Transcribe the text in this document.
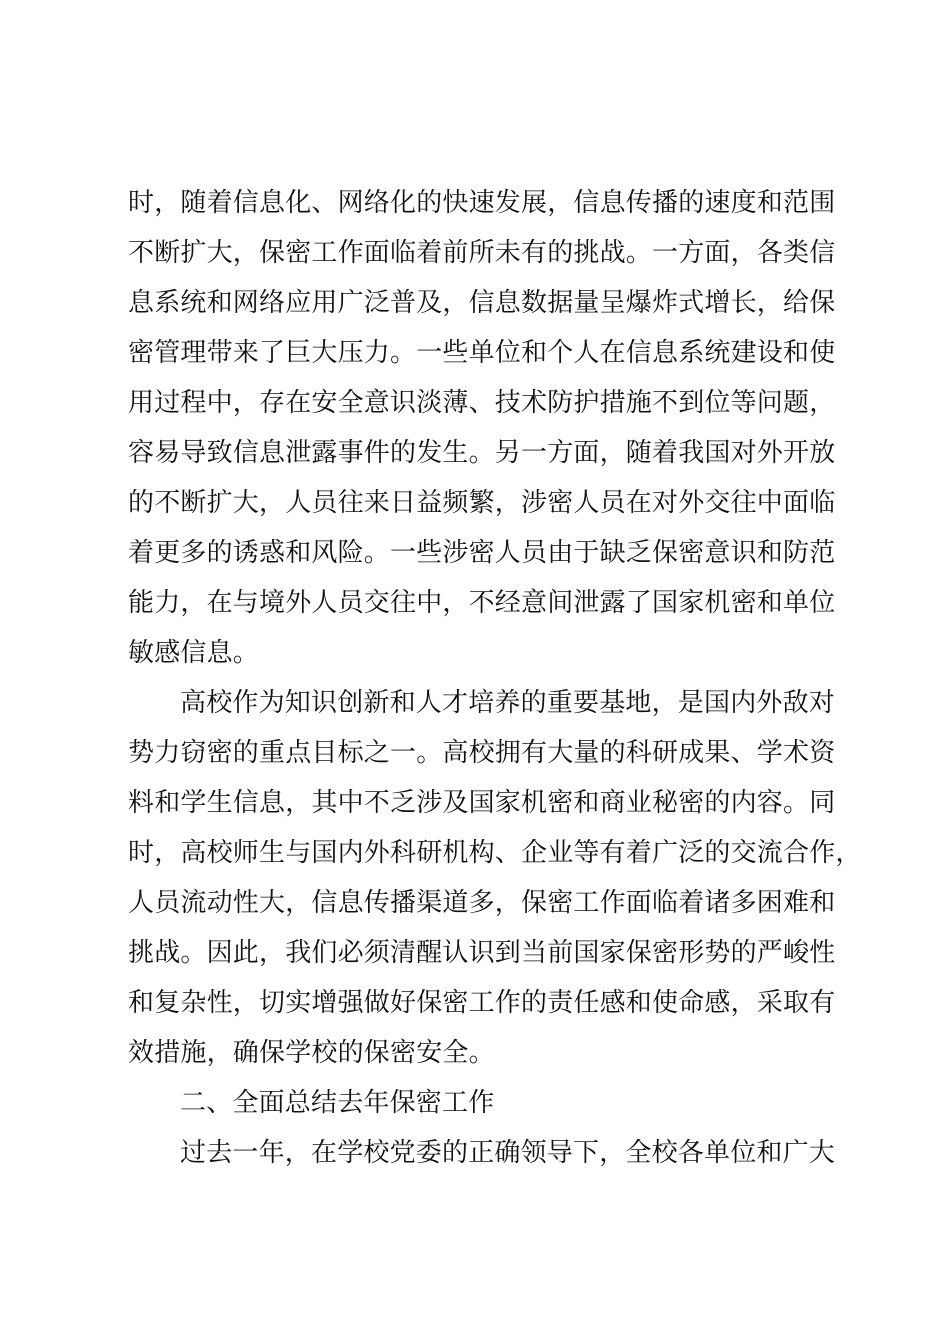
时，随着信息化、网络化的快速发展，信息传播的速度和范围
不断扩大，保密工作面临着前所未有的挑战。一方面，各类信
息系统和网络应用广泛普及，信息数据量呈爆炸式增长，给保
密管理带来了巨大压力。一些单位和个人在信息系统建设和使
用过程中，存在安全意识淡薄、技术防护措施不到位等问题，
容易导致信息泄露事件的发生。另一方面，随着我国对外开放
的不断扩大，人员往来日益频繁，涉密人员在对外交往中面临
着更多的诱惑和风险。一些涉密人员由于缺乏保密意识和防范
能力，在与境外人员交往中，不经意间泄露了国家机密和单位
敏感信息。
高校作为知识创新和人才培养的重要基地，是国内外敌对
势力窃密的重点目标之一。高校拥有大量的科研成果、学术资
料和学生信息，其中不乏涉及国家机密和商业秘密的内容。同
时，高校师生与国内外科研机构、企业等有着广泛的交流合作，
人员流动性大，信息传播渠道多，保密工作面临着诸多困难和
挑战。因此，我们必须清醒认识到当前国家保密形势的严峻性
和复杂性，切实增强做好保密工作的责任感和使命感，采取有
效措施，确保学校的保密安全。
二、全面总结去年保密工作
过去一年，在学校党委的正确领导下，全校各单位和广大
